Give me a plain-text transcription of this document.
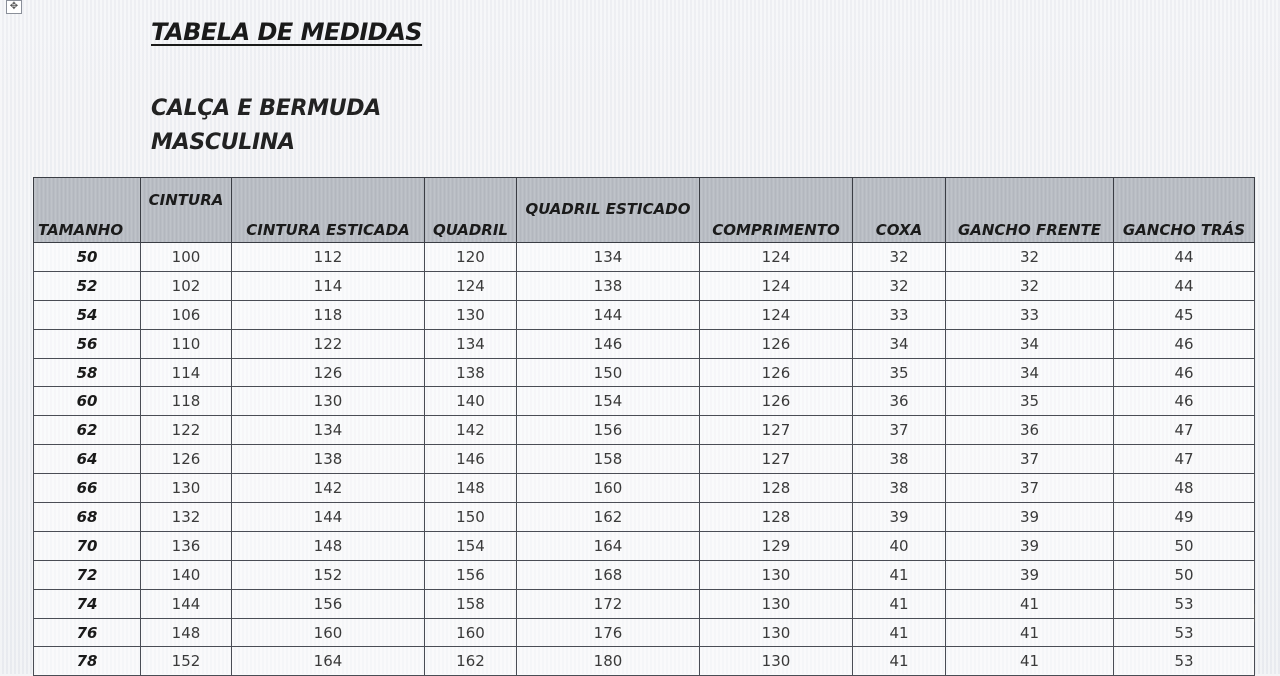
✥
TABELA DE MEDIDAS

CALÇA E BERMUDA

MASCULINA

TAMANHO	CINTURA	CINTURA ESTICADA	QUADRIL	QUADRIL ESTICADO	COMPRIMENTO	COXA	GANCHO FRENTE	GANCHO TRÁS
50	100	112	120	134	124	32	32	44
52	102	114	124	138	124	32	32	44
54	106	118	130	144	124	33	33	45
56	110	122	134	146	126	34	34	46
58	114	126	138	150	126	35	34	46
60	118	130	140	154	126	36	35	46
62	122	134	142	156	127	37	36	47
64	126	138	146	158	127	38	37	47
66	130	142	148	160	128	38	37	48
68	132	144	150	162	128	39	39	49
70	136	148	154	164	129	40	39	50
72	140	152	156	168	130	41	39	50
74	144	156	158	172	130	41	41	53
76	148	160	160	176	130	41	41	53
78	152	164	162	180	130	41	41	53
